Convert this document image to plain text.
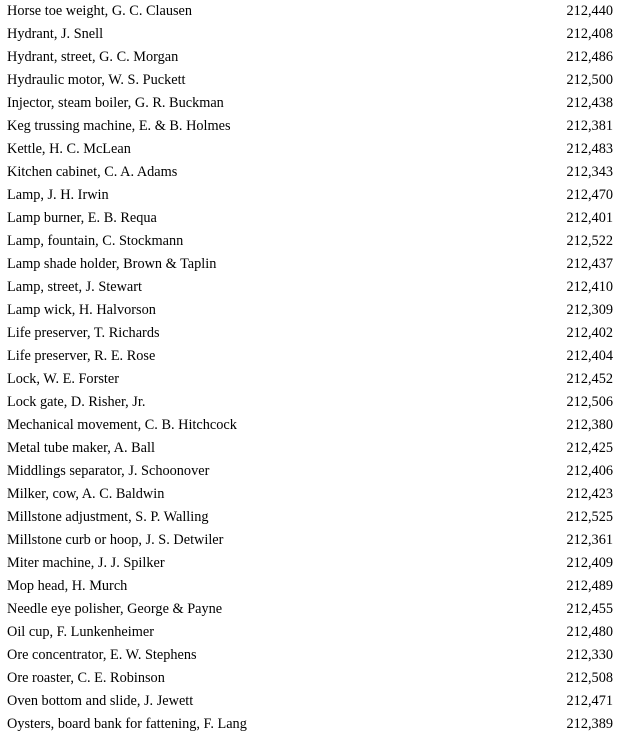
Horse toe weight, G. C. Clausen	212,440
Hydrant, J. Snell	212,408
Hydrant, street, G. C. Morgan	212,486
Hydraulic motor, W. S. Puckett	212,500
Injector, steam boiler, G. R. Buckman	212,438
Keg trussing machine, E. & B. Holmes	212,381
Kettle, H. C. McLean	212,483
Kitchen cabinet, C. A. Adams	212,343
Lamp, J. H. Irwin	212,470
Lamp burner, E. B. Requa	212,401
Lamp, fountain, C. Stockmann	212,522
Lamp shade holder, Brown & Taplin	212,437
Lamp, street, J. Stewart	212,410
Lamp wick, H. Halvorson	212,309
Life preserver, T. Richards	212,402
Life preserver, R. E. Rose	212,404
Lock, W. E. Forster	212,452
Lock gate, D. Risher, Jr.	212,506
Mechanical movement, C. B. Hitchcock	212,380
Metal tube maker, A. Ball	212,425
Middlings separator, J. Schoonover	212,406
Milker, cow, A. C. Baldwin	212,423
Millstone adjustment, S. P. Walling	212,525
Millstone curb or hoop, J. S. Detwiler	212,361
Miter machine, J. J. Spilker	212,409
Mop head, H. Murch	212,489
Needle eye polisher, George & Payne	212,455
Oil cup, F. Lunkenheimer	212,480
Ore concentrator, E. W. Stephens	212,330
Ore roaster, C. E. Robinson	212,508
Oven bottom and slide, J. Jewett	212,471
Oysters, board bank for fattening, F. Lang	212,389
